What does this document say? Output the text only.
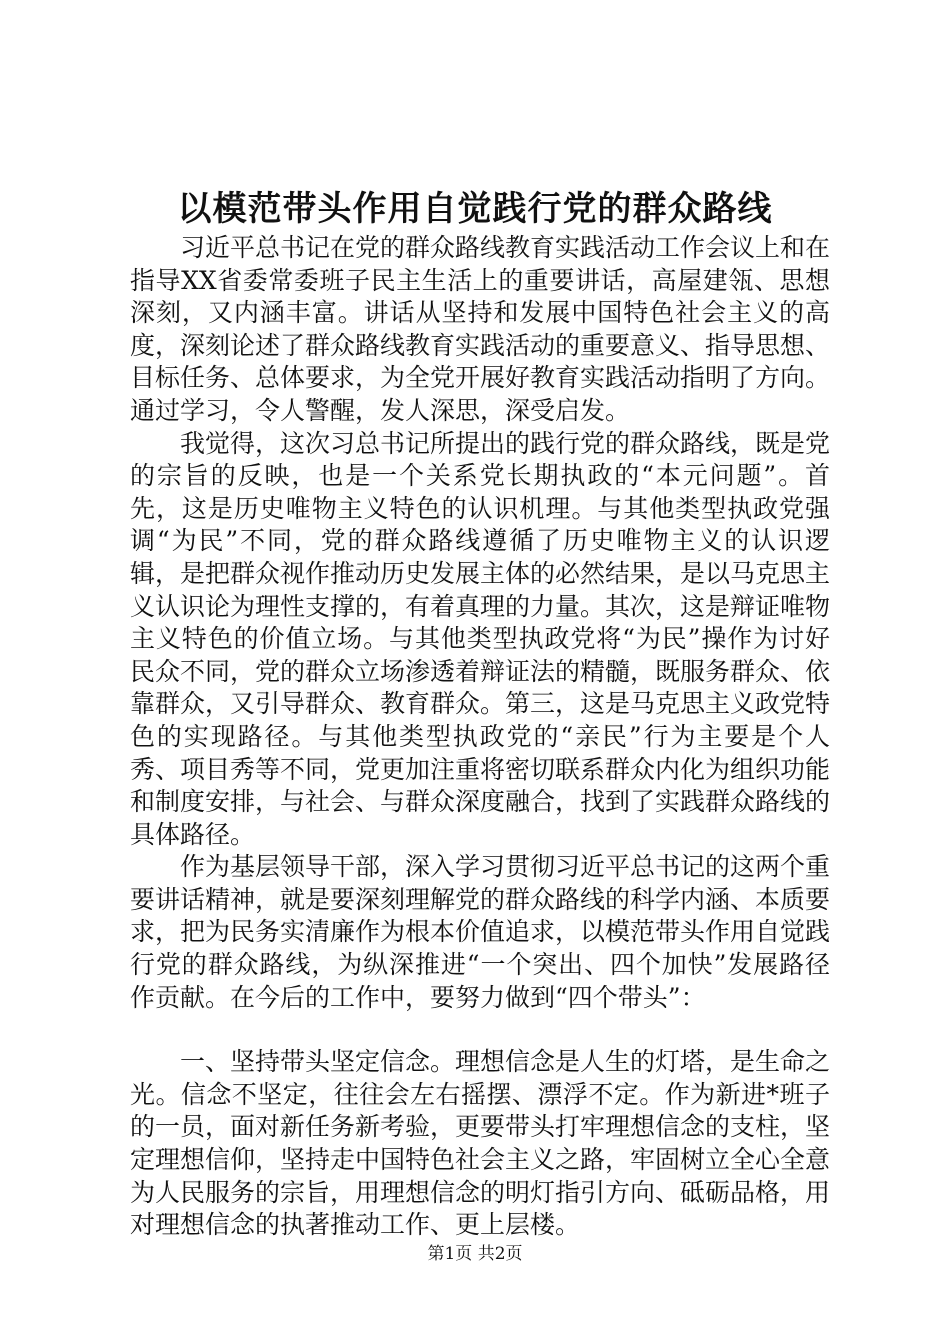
以模范带头作用自觉践行党的群众路线

习近平总书记在党的群众路线教育实践活动工作会议上和在指导XX省委常委班子民主生活上的重要讲话，高屋建瓴、思想深刻，又内涵丰富。讲话从坚持和发展中国特色社会主义的高度，深刻论述了群众路线教育实践活动的重要意义、指导思想、目标任务、总体要求，为全党开展好教育实践活动指明了方向。通过学习，令人警醒，发人深思，深受启发。

我觉得，这次习总书记所提出的践行党的群众路线，既是党的宗旨的反映，也是一个关系党长期执政的“本元问题”。首先，这是历史唯物主义特色的认识机理。与其他类型执政党强调“为民”不同，党的群众路线遵循了历史唯物主义的认识逻辑，是把群众视作推动历史发展主体的必然结果，是以马克思主义认识论为理性支撑的，有着真理的力量。其次，这是辩证唯物主义特色的价值立场。与其他类型执政党将“为民”操作为讨好民众不同，党的群众立场渗透着辩证法的精髓，既服务群众、依靠群众，又引导群众、教育群众。第三，这是马克思主义政党特色的实现路径。与其他类型执政党的“亲民”行为主要是个人秀、项目秀等不同，党更加注重将密切联系群众内化为组织功能和制度安排，与社会、与群众深度融合，找到了实践群众路线的具体路径。

作为基层领导干部，深入学习贯彻习近平总书记的这两个重要讲话精神，就是要深刻理解党的群众路线的科学内涵、本质要求，把为民务实清廉作为根本价值追求，以模范带头作用自觉践行党的群众路线，为纵深推进“一个突出、四个加快”发展路径作贡献。在今后的工作中，要努力做到“四个带头”：

一、坚持带头坚定信念。理想信念是人生的灯塔，是生命之光。信念不坚定，往往会左右摇摆、漂浮不定。作为新进*班子的一员，面对新任务新考验，更要带头打牢理想信念的支柱，坚定理想信仰，坚持走中国特色社会主义之路，牢固树立全心全意为人民服务的宗旨，用理想信念的明灯指引方向、砥砺品格，用对理想信念的执著推动工作、更上层楼。

第1页 共2页
